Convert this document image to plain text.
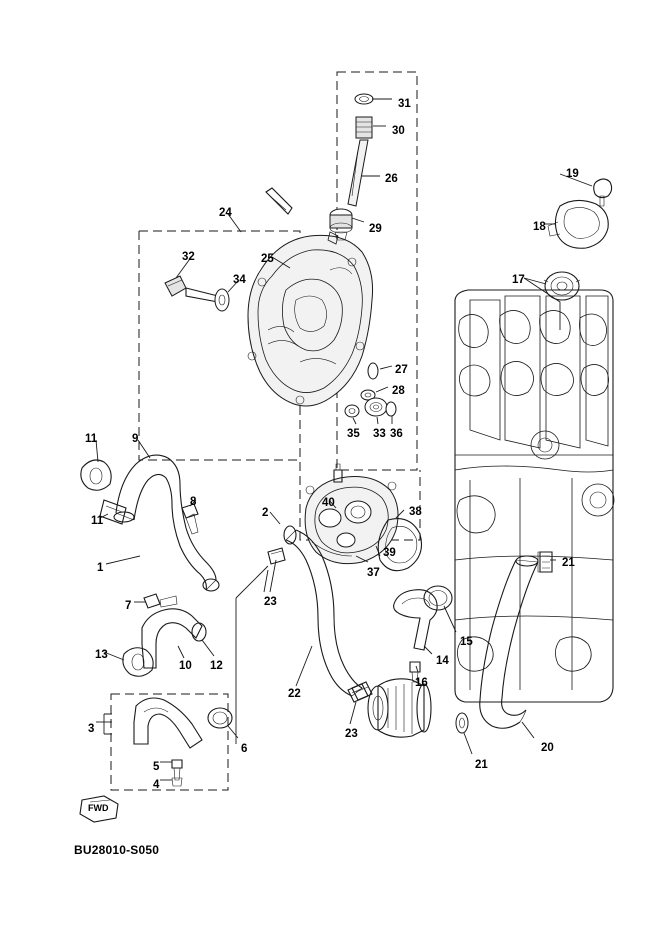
1
2
3
4
5
6
7
8
9
10
11
11
12
13	14
15
16
17
18
19
20
21
21
22
23
23
24
25
26
27
28
29
30
31
32
33
34
35	36
37
38
39
40
FWD
BU28010-S050
